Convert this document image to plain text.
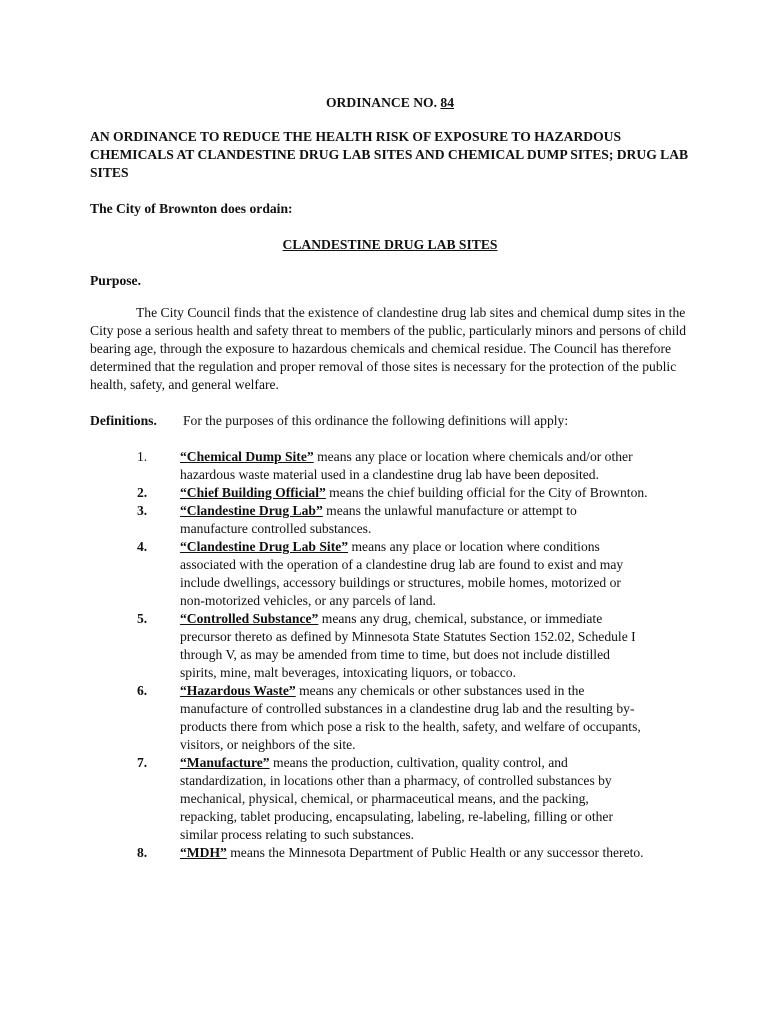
ORDINANCE NO. 84
AN ORDINANCE TO REDUCE THE HEALTH RISK OF EXPOSURE TO HAZARDOUS CHEMICALS AT CLANDESTINE DRUG LAB SITES AND CHEMICAL DUMP SITES; DRUG LAB SITES
The City of Brownton does ordain:
CLANDESTINE DRUG LAB SITES
Purpose.
The City Council finds that the existence of clandestine drug lab sites and chemical dump sites in the City pose a serious health and safety threat to members of the public, particularly minors and persons of child bearing age, through the exposure to hazardous chemicals and chemical residue. The Council has therefore determined that the regulation and proper removal of those sites is necessary for the protection of the public health, safety, and general welfare.
Definitions.	For the purposes of this ordinance the following definitions will apply:
1.	“Chemical Dump Site” means any place or location where chemicals and/or other hazardous waste material used in a clandestine drug lab have been deposited.
2.	“Chief Building Official” means the chief building official for the City of Brownton.
3.	“Clandestine Drug Lab” means the unlawful manufacture or attempt to manufacture controlled substances.
4.	“Clandestine Drug Lab Site” means any place or location where conditions associated with the operation of a clandestine drug lab are found to exist and may include dwellings, accessory buildings or structures, mobile homes, motorized or non-motorized vehicles, or any parcels of land.
5.	“Controlled Substance” means any drug, chemical, substance, or immediate precursor thereto as defined by Minnesota State Statutes Section 152.02, Schedule I through V, as may be amended from time to time, but does not include distilled spirits, mine, malt beverages, intoxicating liquors, or tobacco.
6.	“Hazardous Waste” means any chemicals or other substances used in the manufacture of controlled substances in a clandestine drug lab and the resulting by-products there from which pose a risk to the health, safety, and welfare of occupants, visitors, or neighbors of the site.
7.	“Manufacture” means the production, cultivation, quality control, and standardization, in locations other than a pharmacy, of controlled substances by mechanical, physical, chemical, or pharmaceutical means, and the packing, repacking, tablet producing, encapsulating, labeling, re-labeling, filling or other similar process relating to such substances.
8.	“MDH” means the Minnesota Department of Public Health or any successor thereto.
